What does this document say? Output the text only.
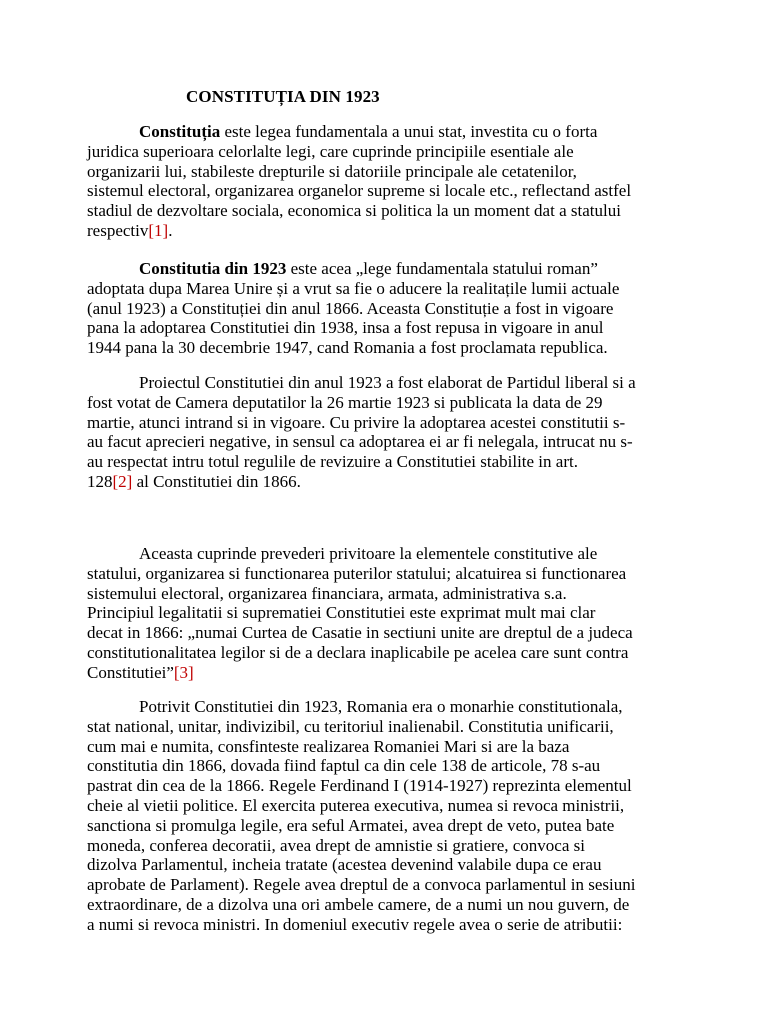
CONSTITUȚIA DIN 1923

Constituția este legea fundamentala a unui stat, investita cu o forta
juridica superioara celorlalte legi, care cuprinde principiile esentiale ale
organizarii lui, stabileste drepturile si datoriile principale ale cetatenilor,
sistemul electoral, organizarea organelor supreme si locale etc., reflectand astfel
stadiul de dezvoltare sociala, economica si politica la un moment dat a statului
respectiv[1].

Constitutia din 1923 este acea „lege fundamentala statului roman”
adoptata dupa Marea Unire și a vrut sa fie o aducere la realitațile lumii actuale
(anul 1923) a Constituției din anul 1866. Aceasta Constituție a fost in vigoare
pana la adoptarea Constitutiei din 1938, insa a fost repusa in vigoare in anul
1944 pana la 30 decembrie 1947, cand Romania a fost proclamata republica.

Proiectul Constitutiei din anul 1923 a fost elaborat de Partidul liberal si a
fost votat de Camera deputatilor la 26 martie 1923 si publicata la data de 29
martie, atunci intrand si in vigoare. Cu privire la adoptarea acestei constitutii s-
au facut aprecieri negative, in sensul ca adoptarea ei ar fi nelegala, intrucat nu s-
au respectat intru totul regulile de revizuire a Constitutiei stabilite in art.
128[2] al Constitutiei din 1866.

Aceasta cuprinde prevederi privitoare la elementele constitutive ale
statului, organizarea si functionarea puterilor statului; alcatuirea si functionarea
sistemului electoral, organizarea financiara, armata, administrativa s.a.
Principiul legalitatii si suprematiei Constitutiei este exprimat mult mai clar
decat in 1866: „numai Curtea de Casatie in sectiuni unite are dreptul de a judeca
constitutionalitatea legilor si de a declara inaplicabile pe acelea care sunt contra
Constitutiei”[3]

Potrivit Constitutiei din 1923, Romania era o monarhie constitutionala,
stat national, unitar, indivizibil, cu teritoriul inalienabil. Constitutia unificarii,
cum mai e numita, consfinteste realizarea Romaniei Mari si are la baza
constitutia din 1866, dovada fiind faptul ca din cele 138 de articole, 78 s-au
pastrat din cea de la 1866. Regele Ferdinand I (1914-1927) reprezinta elementul
cheie al vietii politice. El exercita puterea executiva, numea si revoca ministrii,
sanctiona si promulga legile, era seful Armatei, avea drept de veto, putea bate
moneda, conferea decoratii, avea drept de amnistie si gratiere, convoca si
dizolva Parlamentul, incheia tratate (acestea devenind valabile dupa ce erau
aprobate de Parlament). Regele avea dreptul de a convoca parlamentul in sesiuni
extraordinare, de a dizolva una ori ambele camere, de a numi un nou guvern, de
a numi si revoca ministri. In domeniul executiv regele avea o serie de atributii:
